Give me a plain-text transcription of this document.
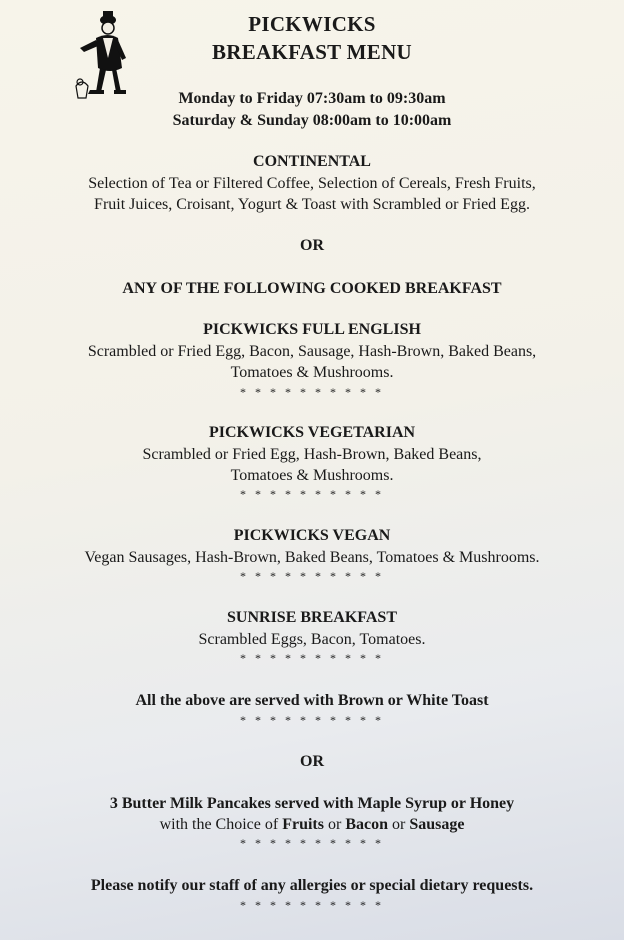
PICKWICKS
BREAKFAST MENU
Monday to Friday 07:30am to 09:30am
Saturday & Sunday 08:00am to 10:00am
CONTINENTAL
Selection of Tea or Filtered Coffee, Selection of Cereals, Fresh Fruits,
Fruit Juices, Croisant, Yogurt & Toast with Scrambled or Fried Egg.
OR
ANY OF THE FOLLOWING COOKED BREAKFAST
PICKWICKS FULL ENGLISH
Scrambled or Fried Egg, Bacon, Sausage, Hash-Brown, Baked Beans,
Tomatoes & Mushrooms.
* * * * * * * * * *
PICKWICKS VEGETARIAN
Scrambled or Fried Egg, Hash-Brown, Baked Beans,
Tomatoes & Mushrooms.
* * * * * * * * * *
PICKWICKS VEGAN
Vegan Sausages, Hash-Brown, Baked Beans, Tomatoes & Mushrooms.
* * * * * * * * * *
SUNRISE BREAKFAST
Scrambled Eggs, Bacon, Tomatoes.
* * * * * * * * * *
All the above are served with Brown or White Toast
* * * * * * * * * *
OR
3 Butter Milk Pancakes served with Maple Syrup or Honey
with the Choice of Fruits or Bacon or Sausage
* * * * * * * * * *
Please notify our staff of any allergies or special dietary requests.
* * * * * * * * * *
